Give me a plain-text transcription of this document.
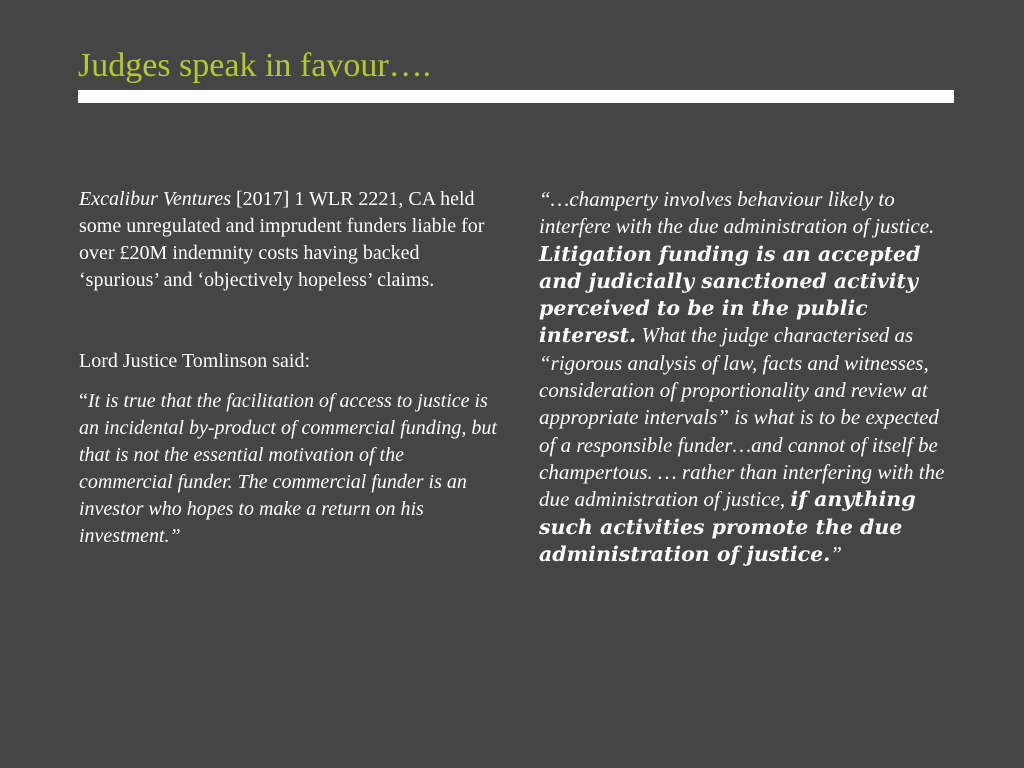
Judges speak in favour….

Excalibur Ventures [2017] 1 WLR 2221, CA held some unregulated and imprudent funders liable for over £20M indemnity costs having backed ‘spurious’ and ‘objectively hopeless’ claims.

Lord Justice Tomlinson said:

“It is true that the facilitation of access to justice is an incidental by-product of commercial funding, but that is not the essential motivation of the commercial funder. The commercial funder is an investor who hopes to make a return on his investment.”

“…champerty involves behaviour likely to interfere with the due administration of justice. Litigation funding is an accepted and judicially sanctioned activity perceived to be in the public interest. What the judge characterised as “rigorous analysis of law, facts and witnesses, consideration of proportionality and review at appropriate intervals” is what is to be expected of a responsible funder…and cannot of itself be champertous. … rather than interfering with the due administration of justice, if anything such activities promote the due administration of justice.”
